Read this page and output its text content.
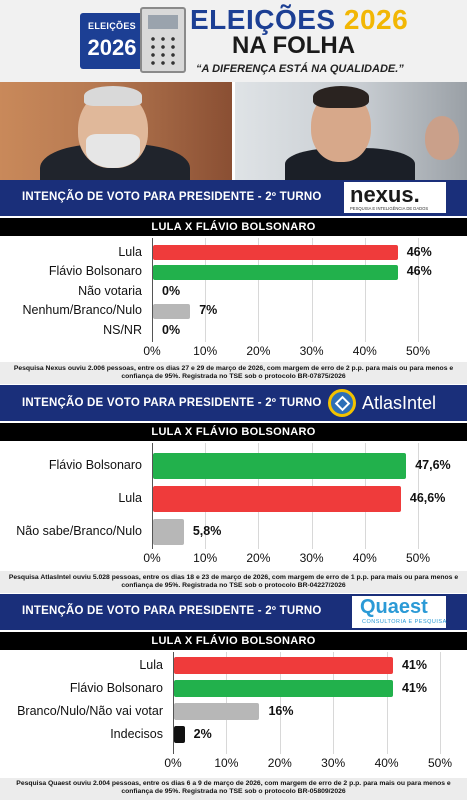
ELEIÇÕES
2026
ELEIÇÕES 2026
NA FOLHA
“A DIFERENÇA ESTÁ NA QUALIDADE.”
INTENÇÃO DE VOTO PARA PRESIDENTE - 2º TURNO nexus.
PESQUISA E INTELIGÊNCIA DE DADOS
LULA X FLÁVIO BOLSONARO
0%	10% 20% 30% 40% 50%
Lula	46%
Flávio Bolsonaro	46%
Não votaria 0%
Nenhum/Branco/Nulo	7%
NS/NR 0%
Pesquisa Nexus ouviu 2.006 pessoas, entre os dias 27 e 29 de março de 2026, com margem de erro de 2 p.p. para mais ou para menos e confiança de 95%. Registrada no TSE sob o protocolo BR-07875/2026
INTENÇÃO DE VOTO PARA PRESIDENTE - 2º TURNO AtlasIntel
LULA X FLÁVIO BOLSONARO
0%	10% 20% 30% 40% 50%
Flávio Bolsonaro	47,6%
Lula	46,6%
Não sabe/Branco/Nulo	5,8%
Pesquisa AtlasIntel ouviu 5.028 pessoas, entre os dias 18 e 23 de março de 2026, com margem de erro de 1 p.p. para mais ou para menos e confiança de 95%. Registrada no TSE sob o protocolo BR-04227/2026
INTENÇÃO DE VOTO PARA PRESIDENTE - 2º TURNO Quaest
CONSULTORIA E PESQUISA
LULA X FLÁVIO BOLSONARO
0%	10% 20% 30% 40% 50%
Lula	41%
Flávio Bolsonaro	41%
Branco/Nulo/Não vai votar	16%
Indecisos 2%
Pesquisa Quaest ouviu 2.004 pessoas, entre os dias 6 a 9 de março de 2026, com margem de erro de 2 p.p. para mais ou para menos e confiança de 95%. Registrada no TSE sob o protocolo BR-05809/2026
